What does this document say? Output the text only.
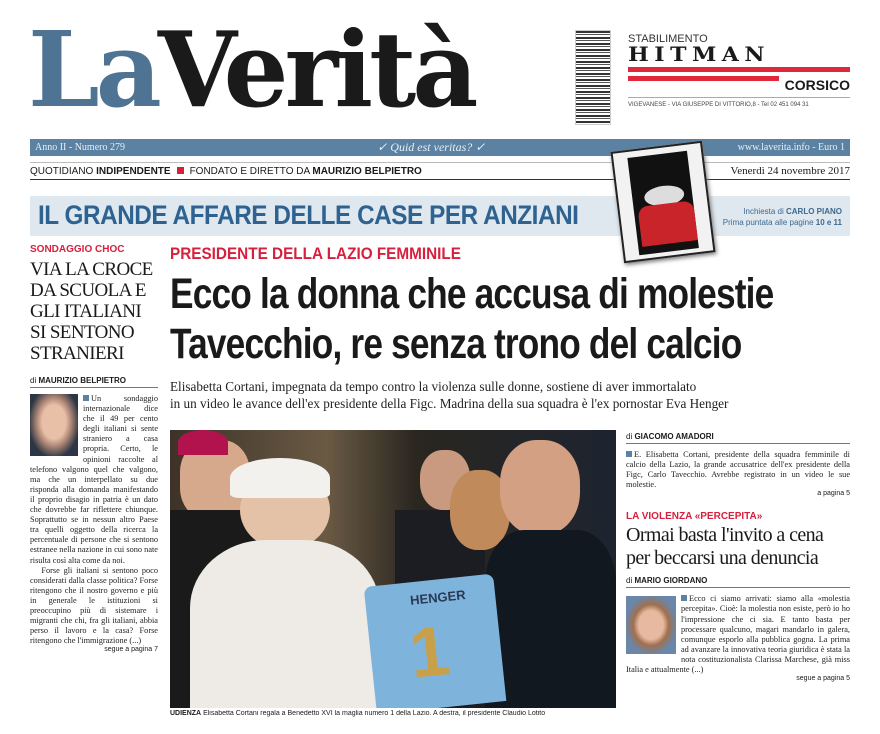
LaVerità	STABILIMENTO
HITMAN
CORSICO
VIGEVANESE - VIA GIUSEPPE DI VITTORIO,8 - Tel 02 451 094 31
Anno II - Numero 279	✓ Quid est veritas? ✓	www.laverita.info - Euro 1
QUOTIDIANO INDIPENDENTE FONDATO E DIRETTO DA MAURIZIO BELPIETRO	Venerdì 24 novembre 2017
IL GRANDE AFFARE DELLE CASE PER ANZIANI	Inchiesta di CARLO PIANO
Prima puntata alle pagine 10 e 11
SONDAGGIO CHOC
VIA LA CROCE DA SCUOLA E GLI ITALIANI SI SENTONO STRANIERI
di MAURIZIO BELPIETRO
Un sondaggio internazionale dice che il 49 per cento degli italiani si sente straniero a casa propria. Certo, le opinioni raccolte al telefono valgono quel che valgono, ma che un interpellato su due risponda alla domanda manifestando il proprio disagio in patria è un dato che dovrebbe far riflettere chiunque. Soprattutto se in nessun altro Paese tra quelli oggetto della ricerca la percentuale di persone che si sentono estranee nella nazione in cui sono nate risulta così alta come da noi.
Forse gli italiani si sentono poco considerati dalla classe politica? Forse ritengono che il nostro governo e più in generale le istituzioni si preoccupino più di sistemare i migranti che chi, fra gli italiani, abbia perso il lavoro e la casa? Forse ritengono che l'immigrazione (...)
segue a pagina 7
PRESIDENTE DELLA LAZIO FEMMINILE
Ecco la donna che accusa di molestie
Tavecchio, re senza trono del calcio
Elisabetta Cortani, impegnata da tempo contro la violenza sulle donne, sostiene di aver immortalato
in un video le avance dell'ex presidente della Figc. Madrina della sua squadra è l'ex pornostar Eva Henger
HENGER
1
UDIENZA Elisabetta Cortani regala a Benedetto XVI la maglia numero 1 della Lazio. A destra, il presidente Claudio Lotito
di GIACOMO AMADORI
E. Elisabetta Cortani, presidente della squadra femminile di calcio della Lazio, la grande accusatrice dell'ex presidente della Figc, Carlo Tavecchio. Avrebbe registrato in un video le sue molestie.
a pagina 5
LA VIOLENZA «PERCEPITA»
Ormai basta l'invito a cena per beccarsi una denuncia
di MARIO GIORDANO
Ecco ci siamo arrivati: siamo alla «molestia percepita». Cioè: la molestia non esiste, però io ho l'impressione che ci sia. E tanto basta per processare qualcuno, magari mandarlo in galera, comunque esporlo alla pubblica gogna. La prima ad avanzare la innovativa teoria giuridica è stata la nota costituzionalista Clarissa Marchese, già miss Italia e attualmente (...)
segue a pagina 5
